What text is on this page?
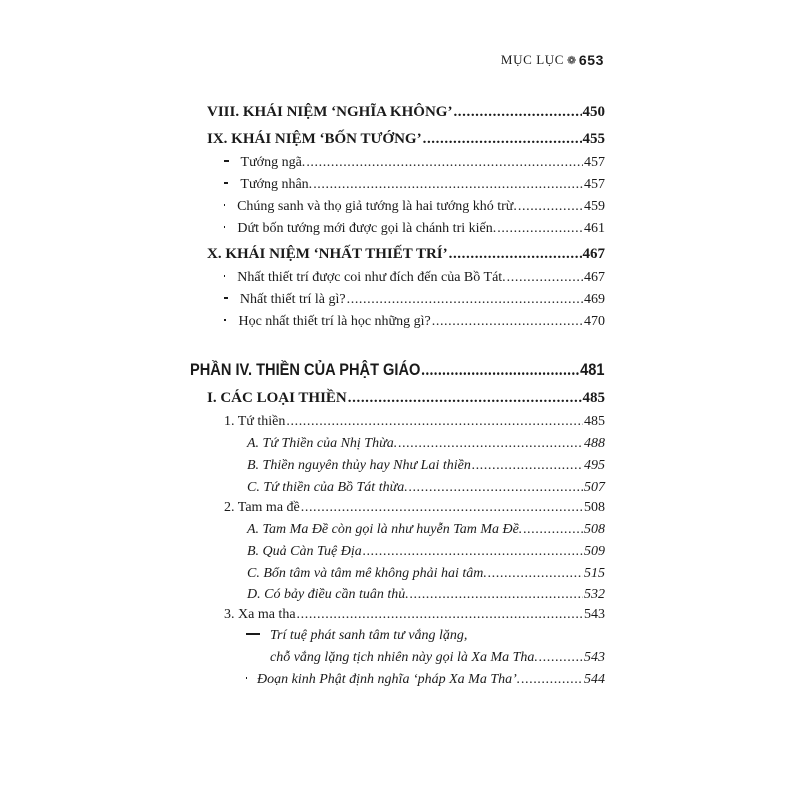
MỤC LỤC ❁ 653
VIII. KHÁI NIỆM ‘NGHĨA KHÔNG’ .....	450
IX. KHÁI NIỆM ‘BỐN TƯỚNG’ .....	455
Tướng ngã. .....	457
Tướng nhân. .....	457
Chúng sanh và thọ giả tướng là hai tướng khó trừ. .....	459
Dứt bốn tướng mới được gọi là chánh tri kiến. .....	461
X. KHÁI NIỆM ‘NHẤT THIẾT TRÍ’ .....	467
Nhất thiết trí được coi như đích đến của Bồ Tát. .....	467
Nhất thiết trí là gì? .....	469
Học nhất thiết trí là học những gì? .....	470
PHẦN IV. THIỀN CỦA PHẬT GIÁO .....	481
I. CÁC LOẠI THIỀN .....	485
1. Tứ thiền .....	485
A. Tứ Thiền của Nhị Thừa. .....	488
B. Thiền nguyên thủy hay Như Lai thiền .....	495
C. Tứ thiền của Bồ Tát thừa. .....	507
2. Tam ma đề .....	508
A. Tam Ma Đề còn gọi là như huyễn Tam Ma Đề. .....	508
B. Quả Càn Tuệ Địa .....	509
C. Bổn tâm và tâm mê không phải hai tâm. .....	515
D. Có bảy điều cần tuân thủ. .....	532
3. Xa ma tha .....	543
Trí tuệ phát sanh tâm tư vắng lặng,
chỗ vắng lặng tịch nhiên này gọi là Xa Ma Tha. .....	543
Đoạn kinh Phật định nghĩa ‘pháp Xa Ma Tha’. .....	544
